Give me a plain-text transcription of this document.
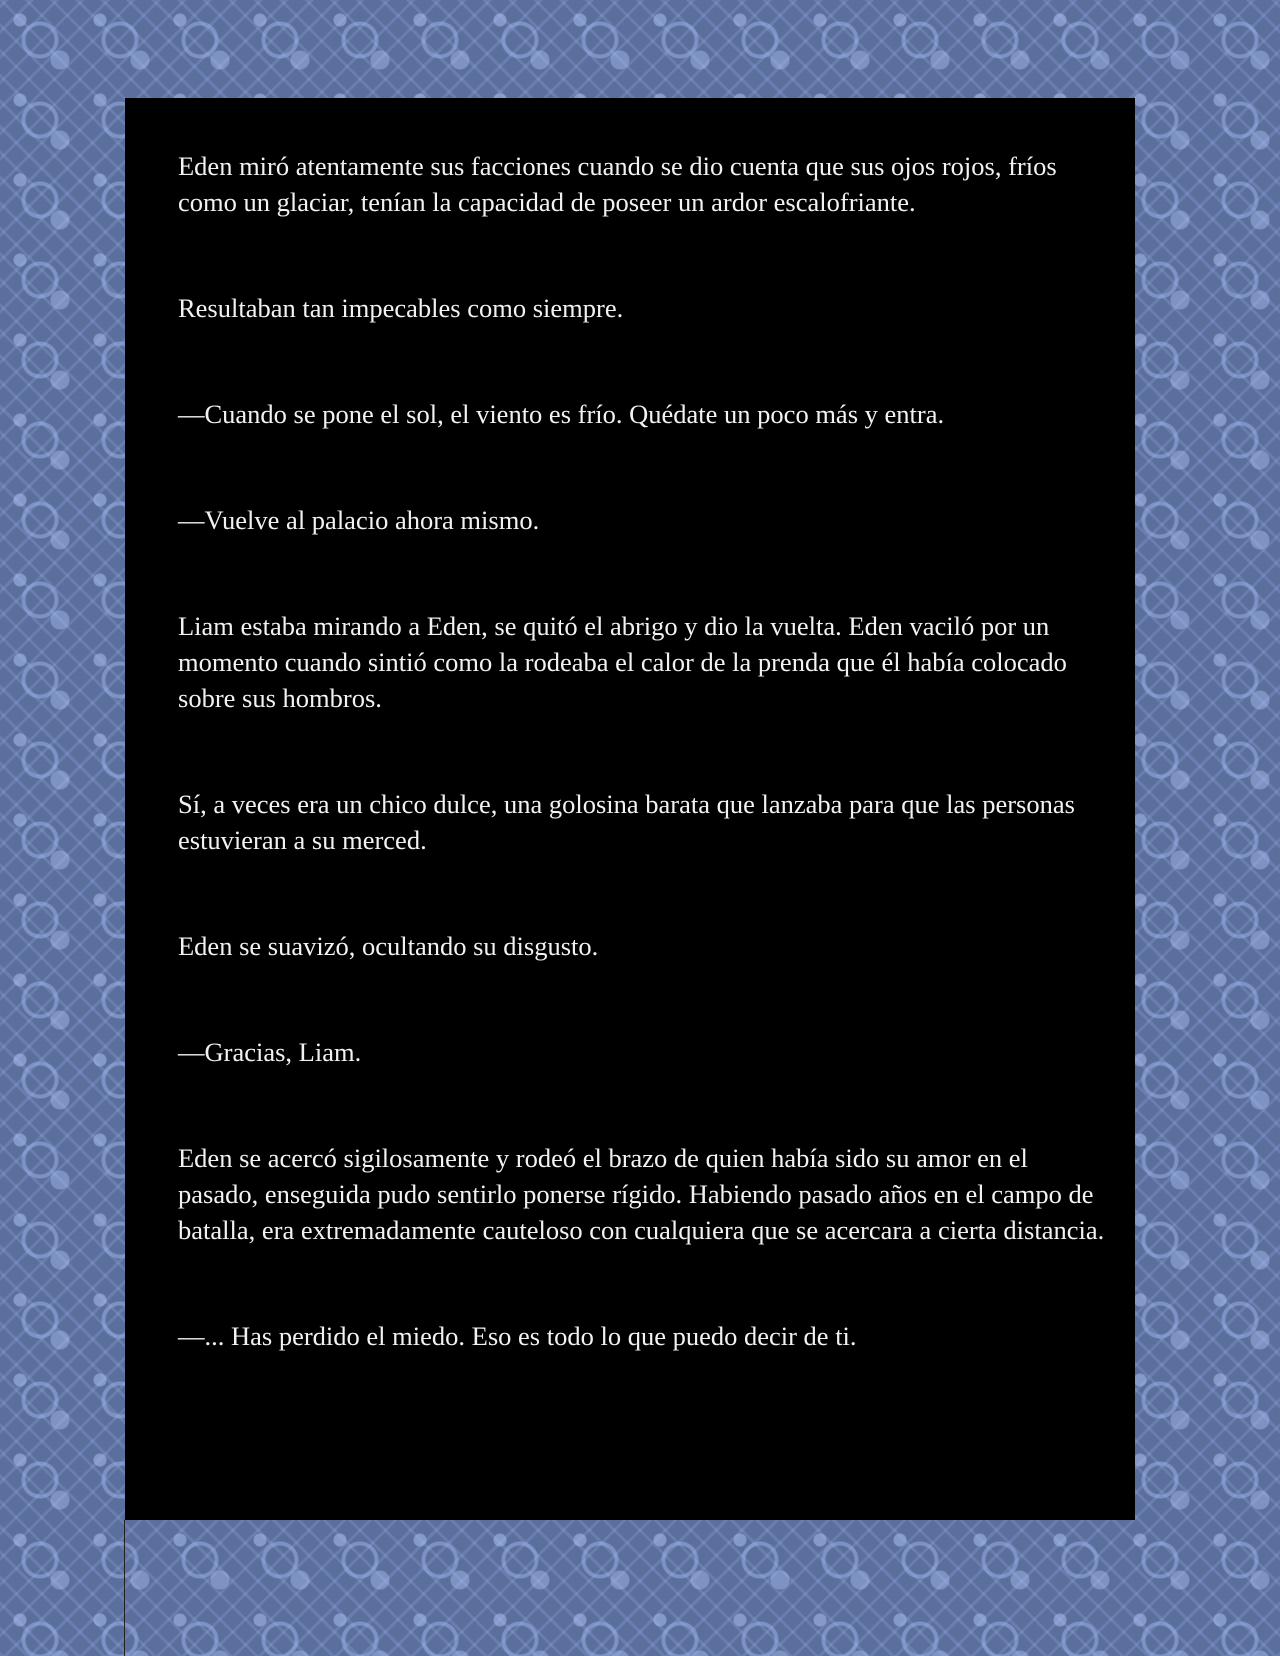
Eden miró atentamente sus facciones cuando se dio cuenta que sus ojos rojos, fríos como un glaciar, tenían la capacidad de poseer un ardor escalofriante.

Resultaban tan impecables como siempre.

—Cuando se pone el sol, el viento es frío. Quédate un poco más y entra.

—Vuelve al palacio ahora mismo.

Liam estaba mirando a Eden, se quitó el abrigo y dio la vuelta. Eden vaciló por un momento cuando sintió como la rodeaba el calor de la prenda que él había colocado sobre sus hombros.

Sí, a veces era un chico dulce, una golosina barata que lanzaba para que las personas estuvieran a su merced.

Eden se suavizó, ocultando su disgusto.

—Gracias, Liam.

Eden se acercó sigilosamente y rodeó el brazo de quien había sido su amor en el pasado, enseguida pudo sentirlo ponerse rígido. Habiendo pasado años en el campo de batalla, era extremadamente cauteloso con cualquiera que se acercara a cierta distancia.

—... Has perdido el miedo. Eso es todo lo que puedo decir de ti.
